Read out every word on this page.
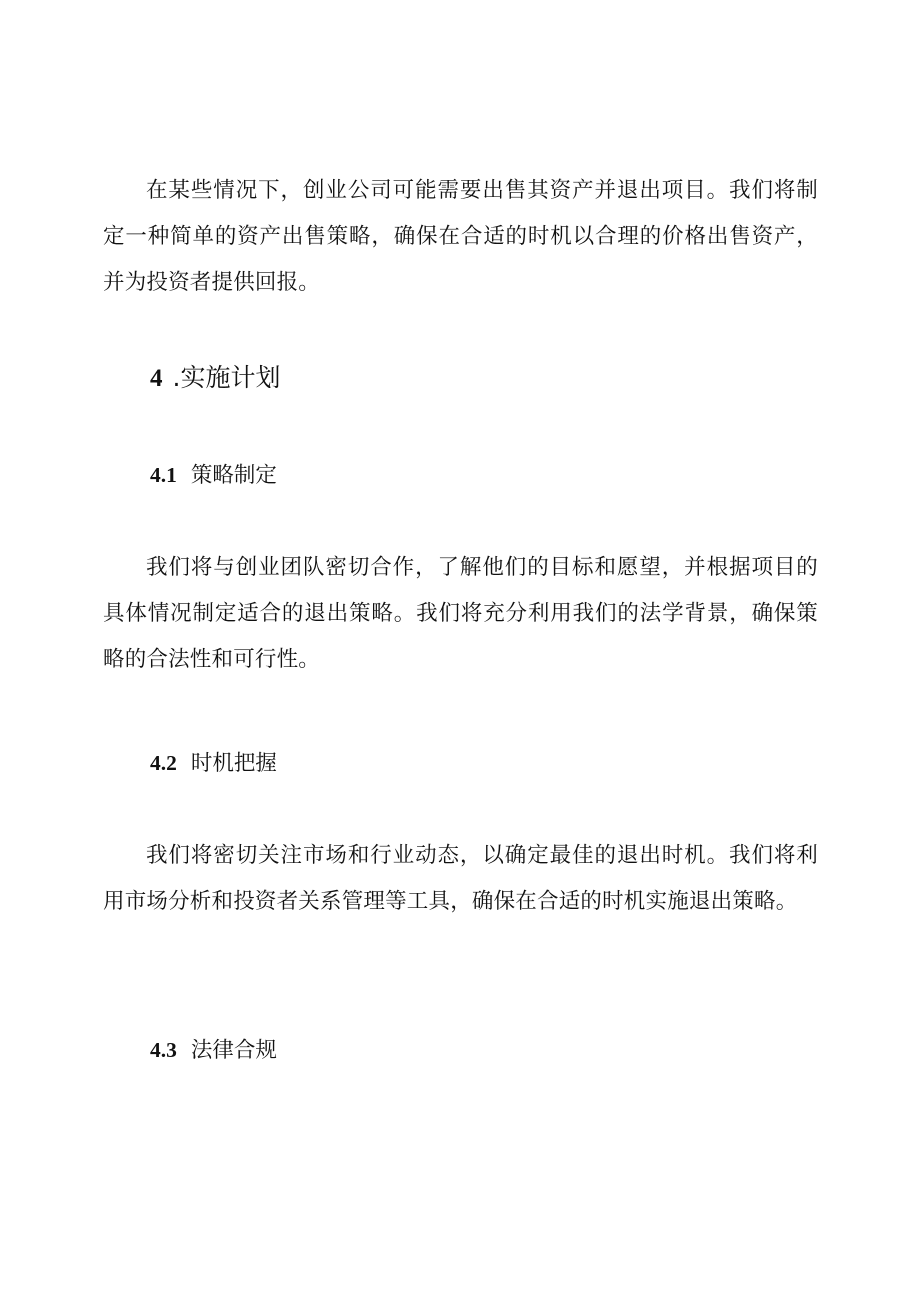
在某些情况下，创业公司可能需要出售其资产并退出项目。我们将制定一种简单的资产出售策略，确保在合适的时机以合理的价格出售资产，并为投资者提供回报。

4 .实施计划
4.1 策略制定

我们将与创业团队密切合作，了解他们的目标和愿望，并根据项目的具体情况制定适合的退出策略。我们将充分利用我们的法学背景，确保策略的合法性和可行性。

4.2 时机把握

我们将密切关注市场和行业动态，以确定最佳的退出时机。我们将利用市场分析和投资者关系管理等工具，确保在合适的时机实施退出策略。

4.3 法律合规
